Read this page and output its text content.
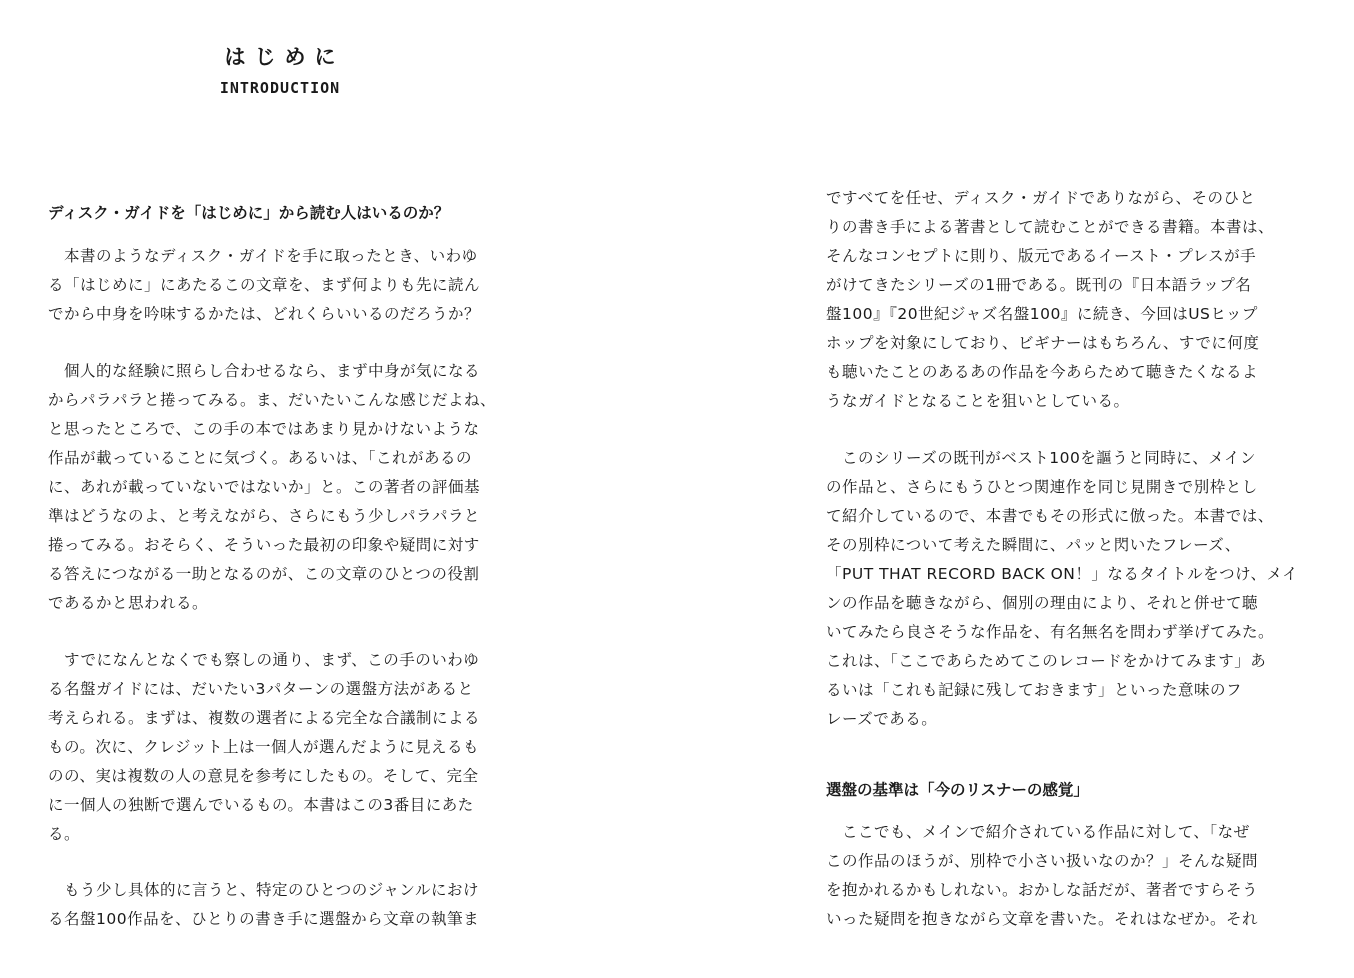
はじめに
INTRODUCTION
ディスク・ガイドを「はじめに」から読む人はいるのか？
　本書のようなディスク・ガイドを手に取ったとき、いわゆ
る「はじめに」にあたるこの文章を、まず何よりも先に読ん
でから中身を吟味するかたは、どれくらいいるのだろうか？
　個人的な経験に照らし合わせるなら、まず中身が気になる
からパラパラと捲ってみる。ま、だいたいこんな感じだよね、
と思ったところで、この手の本ではあまり見かけないような
作品が載っていることに気づく。あるいは、「これがあるの
に、あれが載っていないではないか」と。この著者の評価基
準はどうなのよ、と考えながら、さらにもう少しパラパラと
捲ってみる。おそらく、そういった最初の印象や疑問に対す
る答えにつながる一助となるのが、この文章のひとつの役割
であるかと思われる。
　すでになんとなくでも察しの通り、まず、この手のいわゆ
る名盤ガイドには、だいたい3パターンの選盤方法があると
考えられる。まずは、複数の選者による完全な合議制による
もの。次に、クレジット上は一個人が選んだように見えるも
のの、実は複数の人の意見を参考にしたもの。そして、完全
に一個人の独断で選んでいるもの。本書はこの3番目にあた
る。
　もう少し具体的に言うと、特定のひとつのジャンルにおけ
る名盤100作品を、ひとりの書き手に選盤から文章の執筆ま
ですべてを任せ、ディスク・ガイドでありながら、そのひと
りの書き手による著書として読むことができる書籍。本書は、
そんなコンセプトに則り、版元であるイースト・プレスが手
がけてきたシリーズの1冊である。既刊の『日本語ラップ名
盤100』『20世紀ジャズ名盤100』に続き、今回はUSヒップ
ホップを対象にしており、ビギナーはもちろん、すでに何度
も聴いたことのあるあの作品を今あらためて聴きたくなるよ
うなガイドとなることを狙いとしている。
　このシリーズの既刊がベスト100を謳うと同時に、メイン
の作品と、さらにもうひとつ関連作を同じ見開きで別枠とし
て紹介しているので、本書でもその形式に倣った。本書では、
その別枠について考えた瞬間に、パッと閃いたフレーズ、
「PUT THAT RECORD BACK ON！」なるタイトルをつけ、メイ
ンの作品を聴きながら、個別の理由により、それと併せて聴
いてみたら良さそうな作品を、有名無名を問わず挙げてみた。
これは、「ここであらためてこのレコードをかけてみます」あ
るいは「これも記録に残しておきます」といった意味のフ
レーズである。
選盤の基準は「今のリスナーの感覚」
　ここでも、メインで紹介されている作品に対して、「なぜ
この作品のほうが、別枠で小さい扱いなのか？」そんな疑問
を抱かれるかもしれない。おかしな話だが、著者ですらそう
いった疑問を抱きながら文章を書いた。それはなぜか。それ
